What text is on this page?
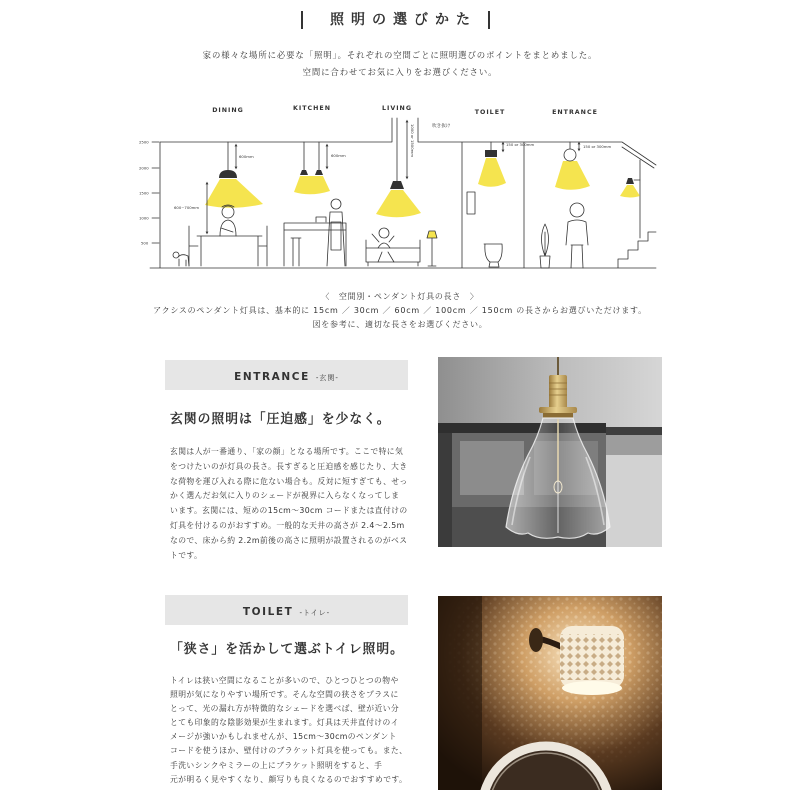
照明の選びかた
家の様々な場所に必要な「照明」。それぞれの空間ごとに照明選びのポイントをまとめました。
空間に合わせてお気に入りをお選びください。
DINING	KITCHEN	LIVING
TOILET	ENTRANCE
吹き抜け
2500
2000
1500
1000
500
600mm
600~700mm
600mm	1000 or 1500mm	150 or 300mm	150 or 300mm
〈　空間別・ペンダント灯具の長さ　〉
アクシスのペンダント灯具は、基本的に 15cm ／ 30cm ／ 60cm ／ 100cm ／ 150cm の長さからお選びいただけます。
図を参考に、適切な長さをお選びください。
ENTRANCE -玄関-
玄関の照明は「圧迫感」を少なく。
玄関は人が一番通り、「家の顔」となる場所です。ここで特に気
をつけたいのが灯具の長さ。長すぎると圧迫感を感じたり、大き
な荷物を運び入れる際に危ない場合も。反対に短すぎても、せっ
かく選んだお気に入りのシェードが視界に入らなくなってしま
います。玄関には、短めの15cm〜30cm コードまたは直付けの
灯具を付けるのがおすすめ。一般的な天井の高さが 2.4〜2.5m
なので、床から約 2.2m前後の高さに照明が設置されるのがベス
トです。
TOILET -トイレ-
「狭さ」を活かして選ぶトイレ照明。
トイレは狭い空間になることが多いので、ひとつひとつの物や
照明が気になりやすい場所です。そんな空間の狭さをプラスに
とって、光の漏れ方が特徴的なシェードを選べば、壁が近い分
とても印象的な陰影効果が生まれます。灯具は天井直付けのイ
メージが強いかもしれませんが、15cm〜30cmのペンダント
コードを使うほか、壁付けのブラケット灯具を使っても。また、
手洗いシンクやミラーの上にブラケット照明をすると、手
元が明るく見やすくなり、顔写りも良くなるのでおすすめです。
